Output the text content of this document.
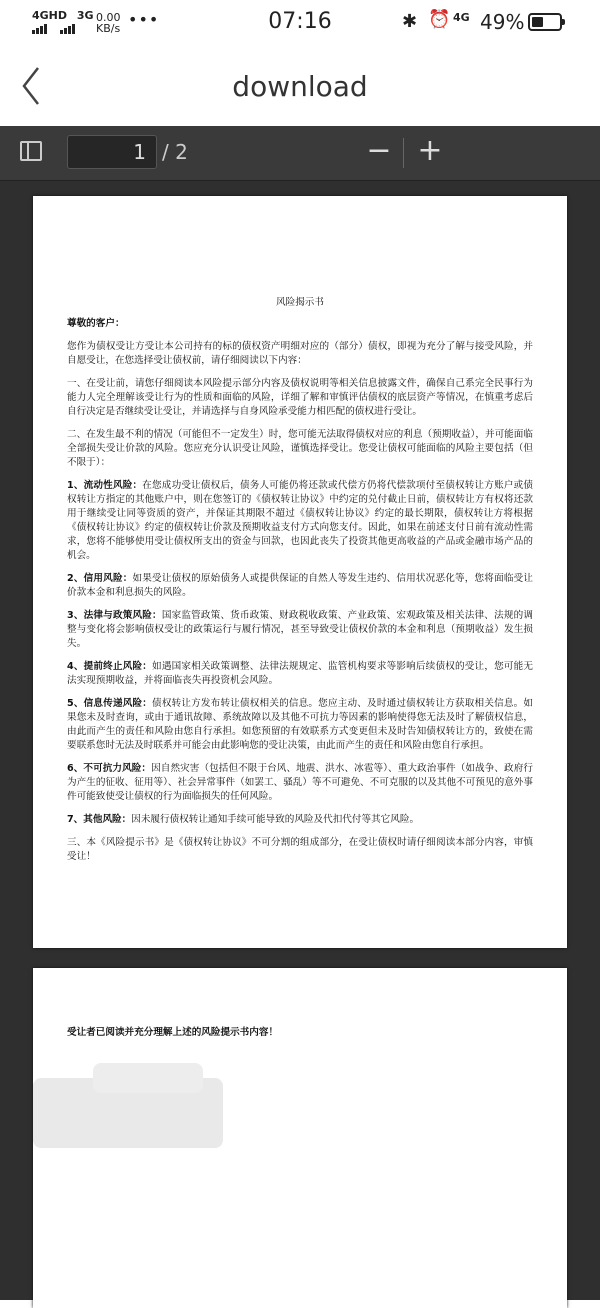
4GHD 3G
0.00
KB/s •••	07:16	✱ ⏰ 4G 49%
download
1 / 2	− +
风险揭示书

尊敬的客户：

您作为债权受让方受让本公司持有的标的债权资产明细对应的（部分）债权，即视为充分了解与接受风险，并自愿受让，在您选择受让债权前，请仔细阅读以下内容：

一、在受让前，请您仔细阅读本风险提示部分内容及债权说明等相关信息披露文件，确保自己系完全民事行为能力人完全理解该受让行为的性质和面临的风险，详细了解和审慎评估债权的底层资产等情况，在慎重考虑后自行决定是否继续受让受让，并请选择与自身风险承受能力相匹配的债权进行受让。

二、在发生最不利的情况（可能但不一定发生）时，您可能无法取得债权对应的利息（预期收益），并可能面临全部损失受让价款的风险。您应充分认识受让风险，谨慎选择受让。您受让债权可能面临的风险主要包括（但不限于）：

1、流动性风险：在您成功受让债权后，债务人可能仍将还款或代偿方仍将代偿款项付至债权转让方账户或债权转让方指定的其他账户中，则在您签订的《债权转让协议》中约定的兑付截止日前，债权转让方有权将还款用于继续受让同等资质的资产，并保证其期限不超过《债权转让协议》约定的最长期限，债权转让方将根据《债权转让协议》约定的债权转让价款及预期收益支付方式向您支付。因此，如果在前述支付日前有流动性需求，您将不能够使用受让债权所支出的资金与回款，也因此丧失了投资其他更高收益的产品或金融市场产品的机会。

2、信用风险：如果受让债权的原始债务人或提供保证的自然人等发生违约、信用状况恶化等，您将面临受让价款本金和利息损失的风险。

3、法律与政策风险：国家监管政策、货币政策、财政税收政策、产业政策、宏观政策及相关法律、法规的调整与变化将会影响债权受让的政策运行与履行情况，甚至导致受让债权价款的本金和利息（预期收益）发生损失。

4、提前终止风险：如遇国家相关政策调整、法律法规规定、监管机构要求等影响后续债权的受让，您可能无法实现预期收益，并将面临丧失再投资机会风险。

5、信息传递风险：债权转让方发布转让债权相关的信息。您应主动、及时通过债权转让方获取相关信息。如果您未及时查询，或由于通讯故障、系统故障以及其他不可抗力等因素的影响使得您无法及时了解债权信息，由此而产生的责任和风险由您自行承担。如您预留的有效联系方式变更但未及时告知债权转让方的，致使在需要联系您时无法及时联系并可能会由此影响您的受让决策，由此而产生的责任和风险由您自行承担。

6、不可抗力风险：因自然灾害（包括但不限于台风、地震、洪水、冰雹等）、重大政治事件（如战争、政府行为产生的征收、征用等）、社会异常事件（如罢工、骚乱）等不可避免、不可克服的以及其他不可预见的意外事件可能致使受让债权的行为面临损失的任何风险。

7、其他风险：因未履行债权转让通知手续可能导致的风险及代扣代付等其它风险。

三、本《风险提示书》是《债权转让协议》不可分割的组成部分，在受让债权时请仔细阅读本部分内容，审慎受让！

受让者已阅读并充分理解上述的风险提示书内容！
